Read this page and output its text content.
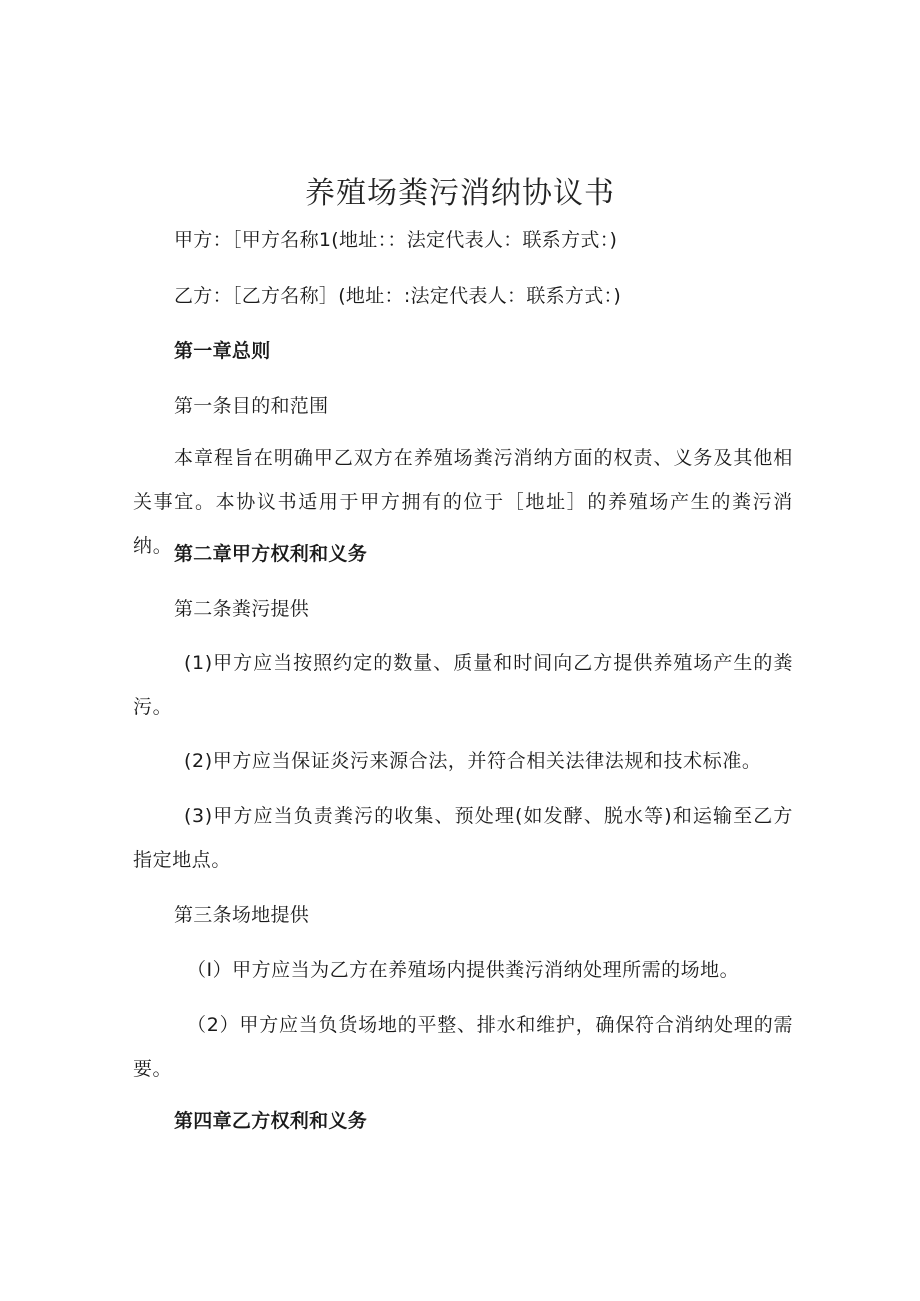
养殖场粪污消纳协议书
甲方：［甲方名称1(地址：：法定代表人：联系方式：)
乙方：［乙方名称］(地址：:法定代表人：联系方式：)
第一章总则
第一条目的和范围
本章程旨在明确甲乙双方在养殖场粪污消纳方面的权责、义务及其他相关事宜。本协议书适用于甲方拥有的位于［地址］的养殖场产生的粪污消纳。 第二章甲方权利和义务
第二条粪污提供
(1)甲方应当按照约定的数量、质量和时间向乙方提供养殖场产生的粪污。
(2)甲方应当保证炎污来源合法，并符合相关法律法规和技术标准。
(3)甲方应当负责粪污的收集、预处理(如发酵、脱水等)和运输至乙方指定地点。
第三条场地提供
（I）甲方应当为乙方在养殖场内提供粪污消纳处理所需的场地。
（2）甲方应当负货场地的平整、排水和维护，确保符合消纳处理的需要。
第四章乙方权利和义务
